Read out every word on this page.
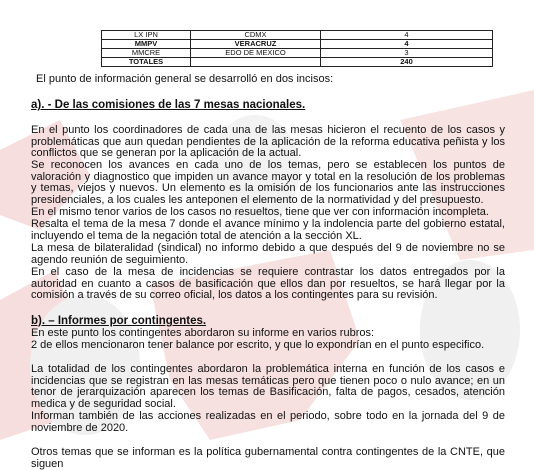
LX IPN	CDMX	4
MMPV	VERACRUZ	4
MMCRE	EDO DE MEXICO	3
TOTALES		240

El punto de información general se desarrolló en dos incisos:

a). - De las comisiones de las 7 mesas nacionales.

En el punto los coordinadores de cada una de las mesas hicieron el recuento de los casos y problemáticas que aun quedan pendientes de la aplicación de la reforma educativa peñista y los conflictos que se generan por la aplicación de la actual.

Se reconocen los avances en cada uno de los temas, pero se establecen los puntos de valoración y diagnostico que impiden un avance mayor y total en la resolución de los problemas y temas, viejos y nuevos. Un elemento es la omisión de los funcionarios ante las instrucciones presidenciales, a los cuales les anteponen el elemento de la normatividad y del presupuesto.

En el mismo tenor varios de los casos no resueltos, tiene que ver con información incompleta.

Resalta el tema de la mesa 7 donde el avance mínimo y la indolencia parte del gobierno estatal, incluyendo el tema de la negación total de atención a la sección XL.

La mesa de bilateralidad (sindical) no informo debido a que después del 9 de noviembre no se agendo reunión de seguimiento.

En el caso de la mesa de incidencias se requiere contrastar los datos entregados por la autoridad en cuanto a casos de basificación que ellos dan por resueltos, se hará llegar por la comisión a través de su correo oficial, los datos a los contingentes para su revisión.

b). – Informes por contingentes.

En este punto los contingentes abordaron su informe en varios rubros:

2 de ellos mencionaron tener balance por escrito, y que lo expondrían en el punto especifico.

La totalidad de los contingentes abordaron la problemática interna en función de los casos e incidencias que se registran en las mesas temáticas pero que tienen poco o nulo avance; en un tenor de jerarquización aparecen los temas de Basificación, falta de pagos, cesados, atención medica y de seguridad social.

Informan también de las acciones realizadas en el periodo, sobre todo en la jornada del 9 de noviembre de 2020.

Otros temas que se informan es la política gubernamental contra contingentes de la CNTE, que siguen
